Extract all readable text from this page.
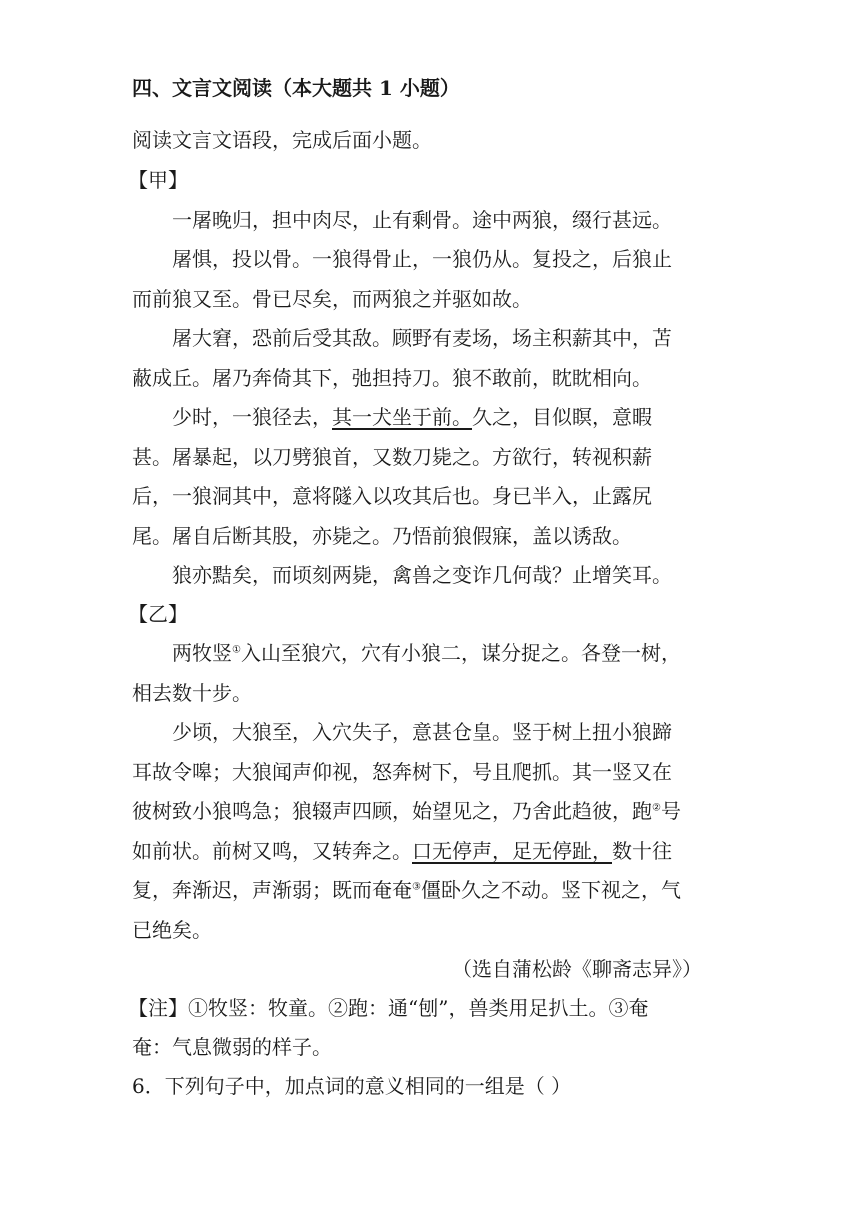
四、文言文阅读（本大题共 1 小题）
阅读文言文语段，完成后面小题。
【甲】
一屠晚归，担中肉尽，止有剩骨。途中两狼，缀行甚远。
屠惧，投以骨。一狼得骨止，一狼仍从。复投之，后狼止
而前狼又至。骨已尽矣，而两狼之并驱如故。
屠大窘，恐前后受其敌。顾野有麦场，场主积薪其中，苫
蔽成丘。屠乃奔倚其下，弛担持刀。狼不敢前，眈眈相向。
少时，一狼径去，其一犬坐于前。久之，目似瞑，意暇
甚。屠暴起，以刀劈狼首，又数刀毙之。方欲行，转视积薪
后，一狼洞其中，意将隧入以攻其后也。身已半入，止露尻
尾。屠自后断其股，亦毙之。乃悟前狼假寐，盖以诱敌。
狼亦黠矣，而顷刻两毙，禽兽之变诈几何哉？止增笑耳。
【乙】
两牧竖①入山至狼穴，穴有小狼二，谋分捉之。各登一树，
相去数十步。
少顷，大狼至，入穴失子，意甚仓皇。竖于树上扭小狼蹄
耳故令嗥；大狼闻声仰视，怒奔树下，号且爬抓。其一竖又在
彼树致小狼鸣急；狼辍声四顾，始望见之，乃舍此趋彼，跑②号
如前状。前树又鸣，又转奔之。口无停声，足无停趾，数十往
复，奔渐迟，声渐弱；既而奄奄③僵卧久之不动。竖下视之，气
已绝矣。
（选自蒲松龄《聊斋志异》）
【注】①牧竖：牧童。②跑：通“刨”，兽类用足扒土。③奄
奄：气息微弱的样子。
6．下列句子中，加点词的意义相同的一组是（ ）
